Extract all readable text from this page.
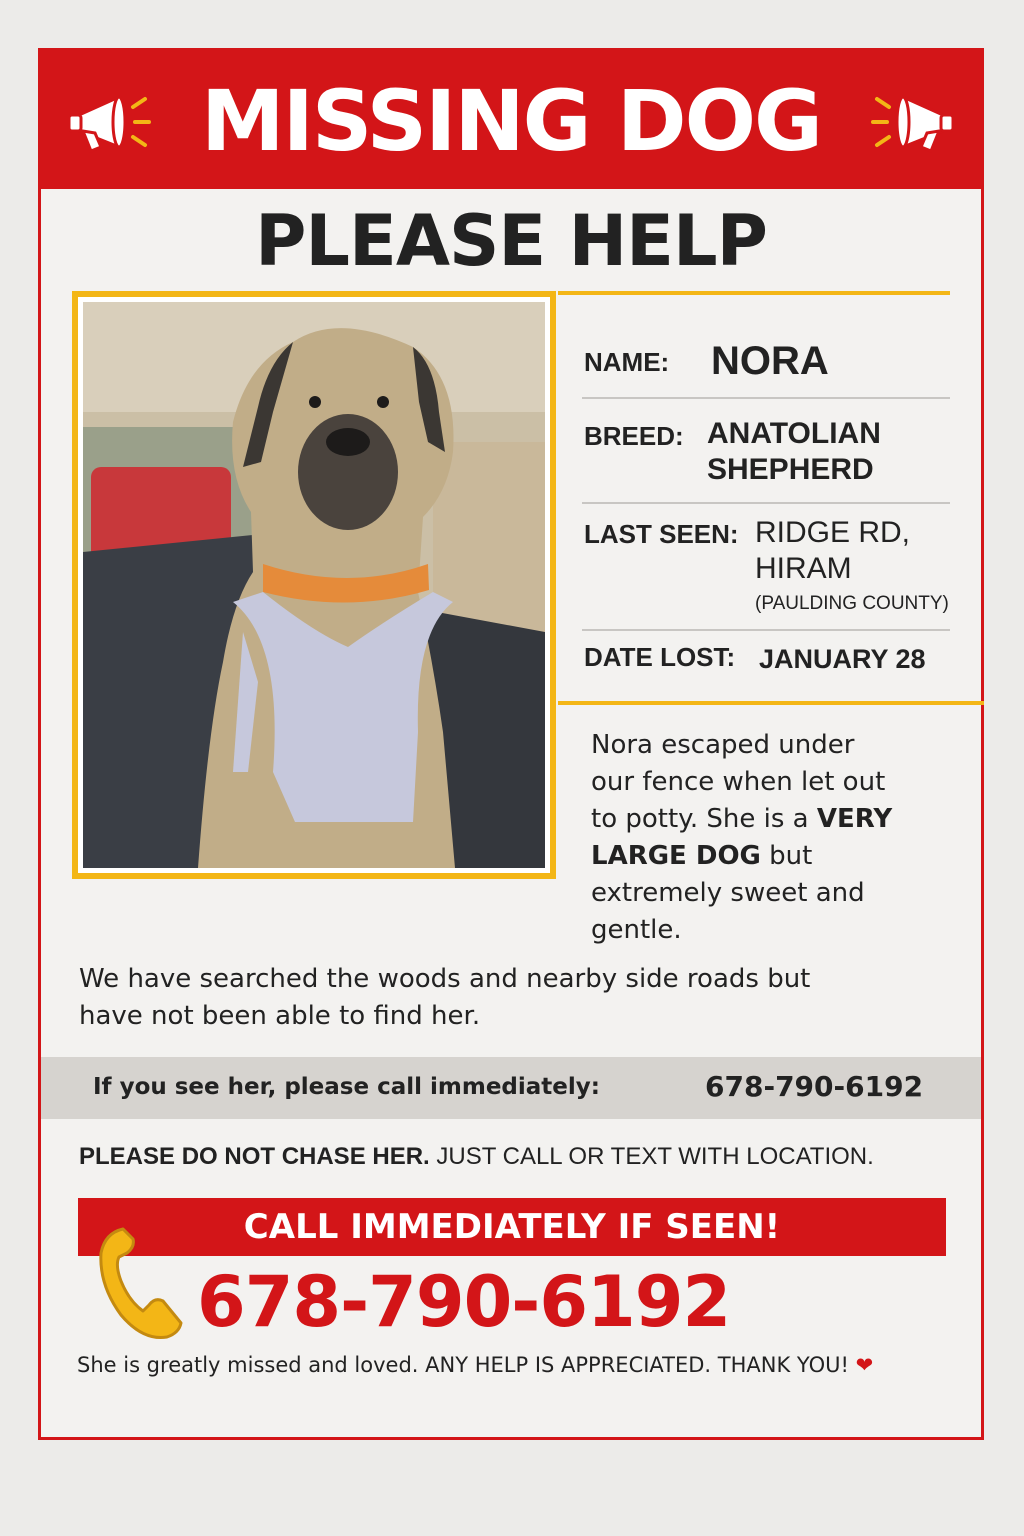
MISSING DOG
PLEASE HELP
NAME: NORA
BREED: ANATOLIAN
SHEPHERD
LAST SEEN: RIDGE RD,
HIRAM
(PAULDING COUNTY)
DATE LOST: JANUARY 28
Nora escaped under
our fence when let out
to potty. She is a VERY
LARGE DOG but
extremely sweet and
gentle.
We have searched the woods and nearby side roads but
have not been able to find her.
If you see her, please call immediately:	678-790-6192
PLEASE DO NOT CHASE HER. JUST CALL OR TEXT WITH LOCATION.
CALL IMMEDIATELY IF SEEN!
678-790-6192
She is greatly missed and loved. ANY HELP IS APPRECIATED. THANK YOU! ❤
